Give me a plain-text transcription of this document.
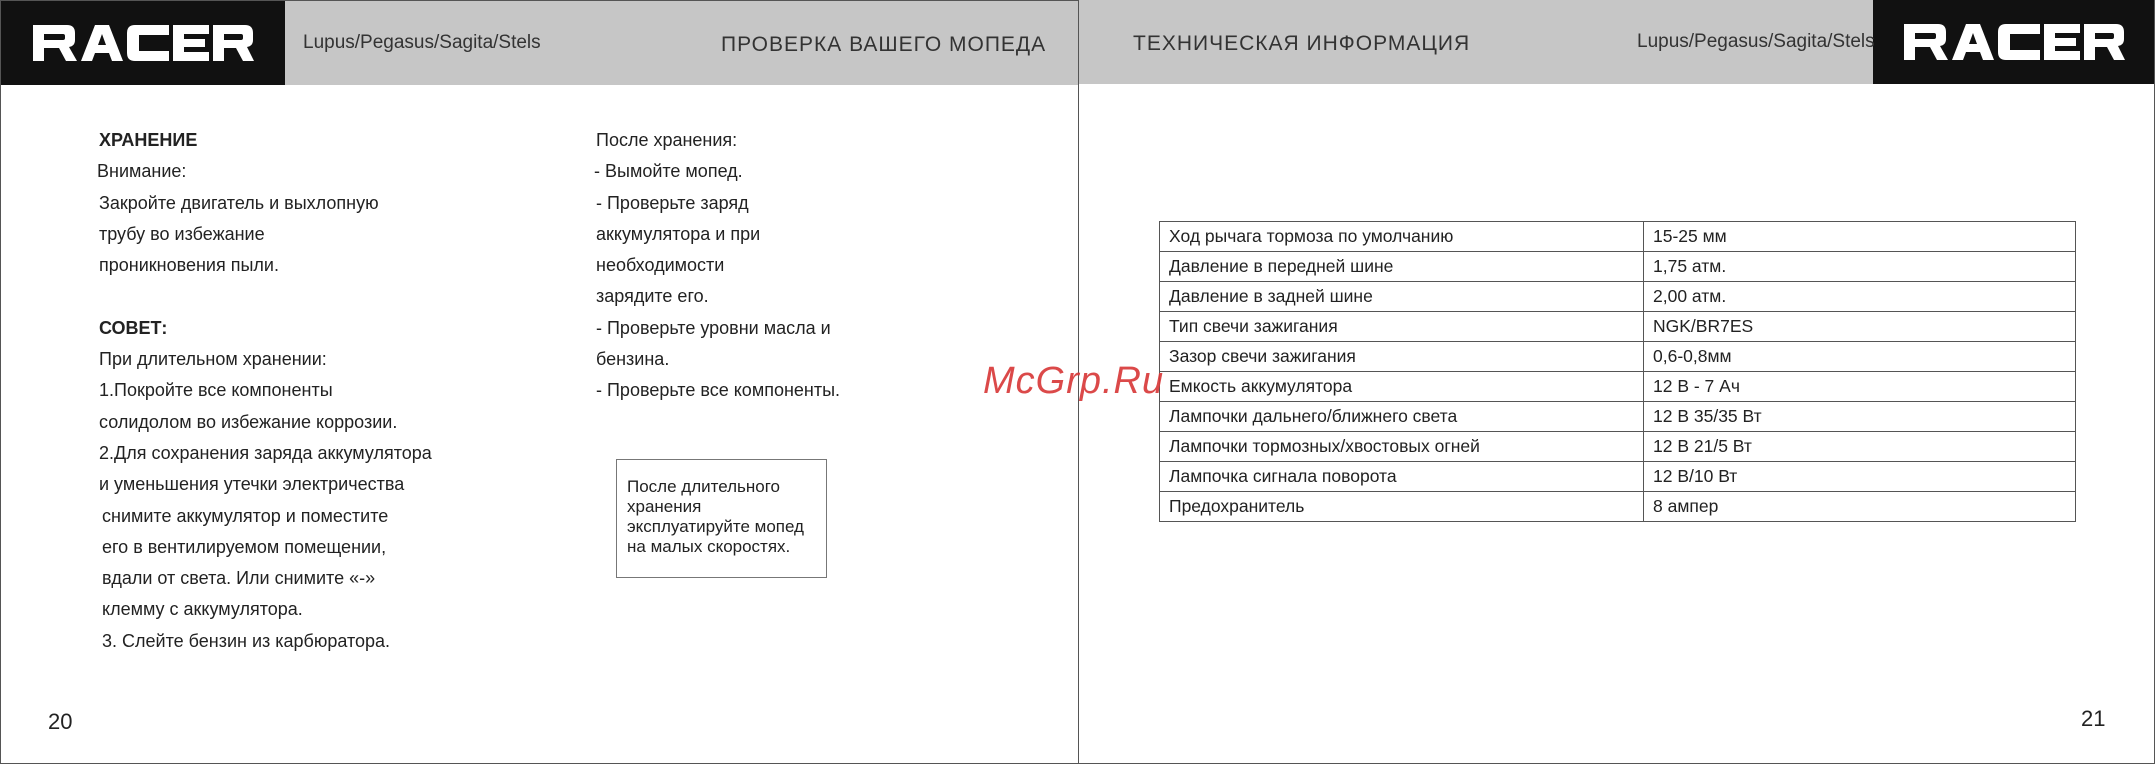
Lupus/Pegasus/Sagita/Stels	ПРОВЕРКА ВАШЕГО МОПЕДА
ХРАНЕНИЕ
Внимание:
Закройте двигатель и выхлопную
трубу во избежание
проникновения пыли.

СОВЕТ:
При длительном хранении:
1.Покройте все компоненты
солидолом во избежание коррозии.
2.Для сохранения заряда аккумулятора
и уменьшения утечки электричества
снимите аккумулятор и поместите
его в вентилируемом помещении,
вдали от света. Или снимите «-»
клемму с аккумулятора.
3. Слейте бензин из карбюратора.
После хранения:
- Вымойте мопед.
- Проверьте заряд
аккумулятора и при
необходимости
зарядите его.
- Проверьте уровни масла и
бензина.
- Проверьте все компоненты.
После длительного
хранения
эксплуатируйте мопед
на малых скоростях.
20
ТЕХНИЧЕСКАЯ ИНФОРМАЦИЯ	Lupus/Pegasus/Sagita/Stels
Ход рычага тормоза по умолчанию	15-25 мм
Давление в передней шине	1,75 атм.
Давление в задней шине	2,00 атм.
Тип свечи зажигания	NGK/BR7ES
Зазор свечи зажигания	0,6-0,8мм
Емкость аккумулятора	12 В - 7 Ач
Лампочки дальнего/ближнего света	12 В 35/35 Вт
Лампочки тормозных/хвостовых огней	12 В 21/5 Вт
Лампочка сигнала поворота	12 В/10 Вт
Предохранитель	8 ампер
21
McGrp.Ru
